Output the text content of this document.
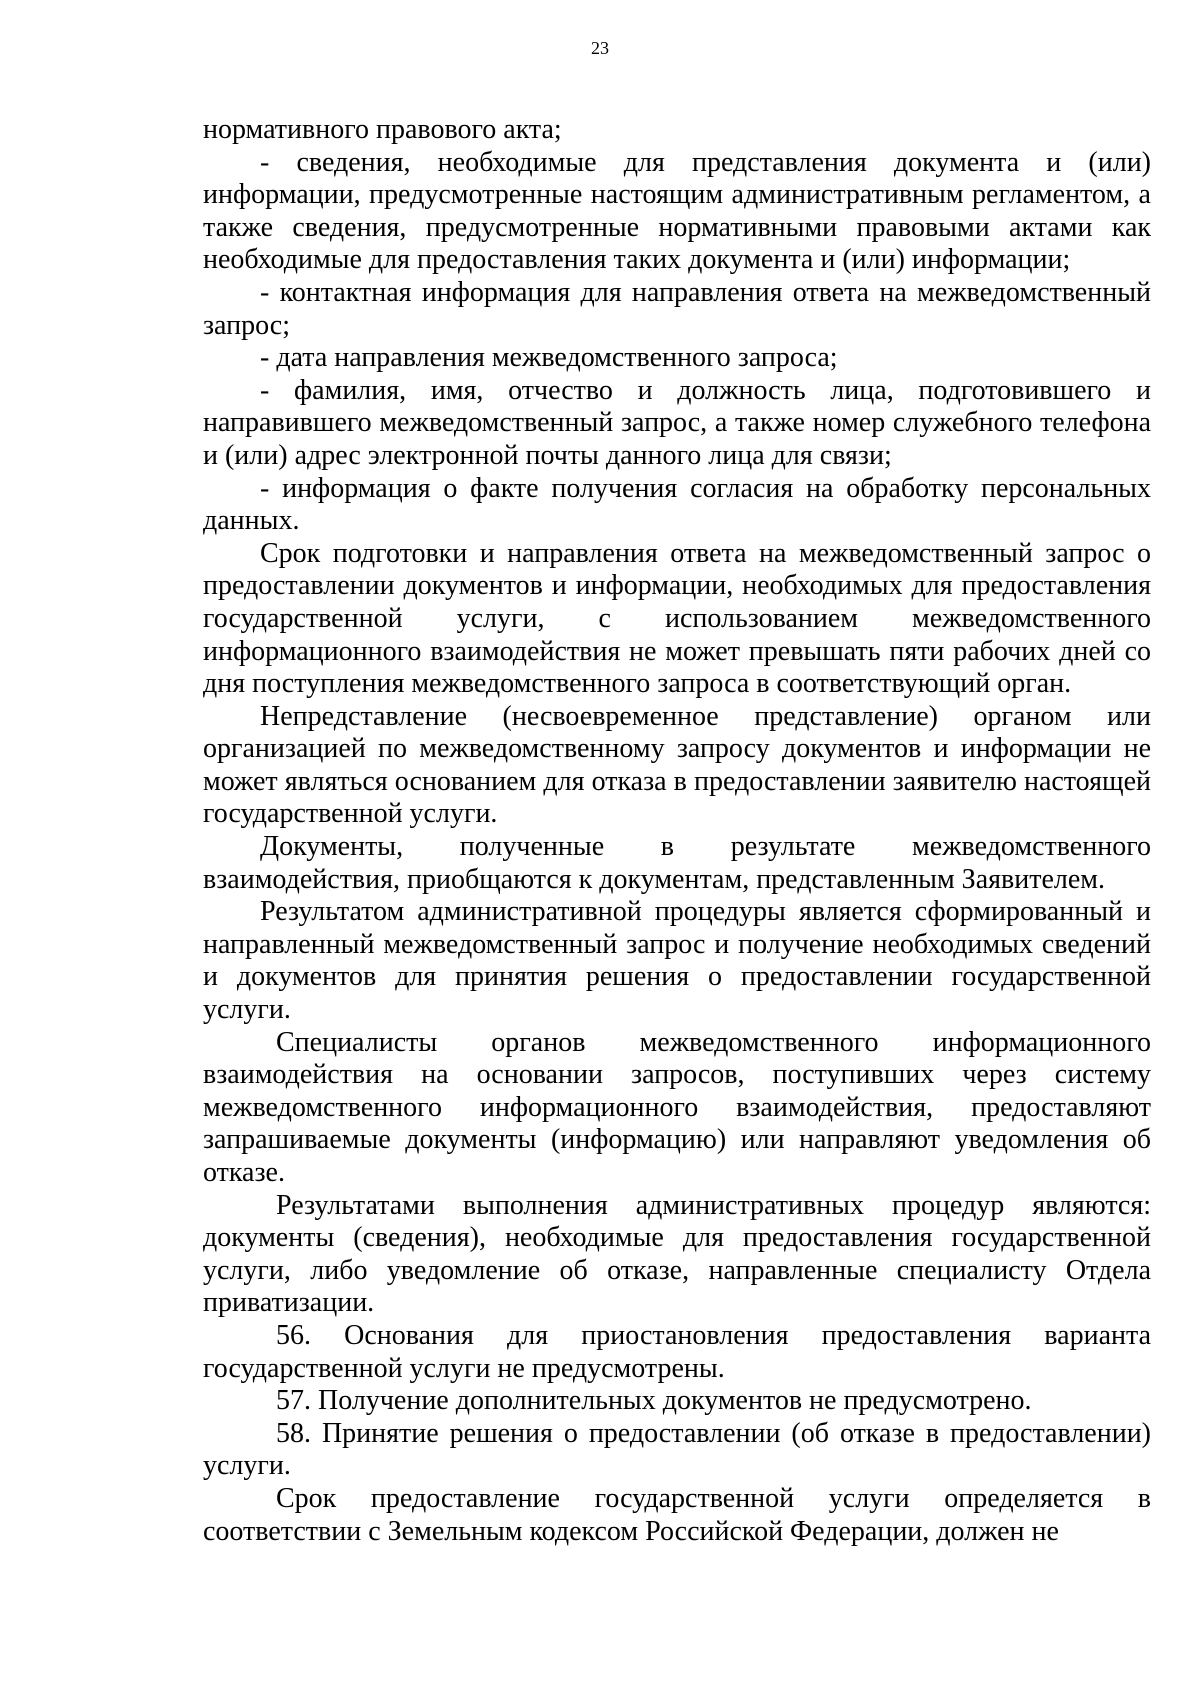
23

нормативного правового акта;

- сведения, необходимые для представления документа и (или) информации, предусмотренные настоящим административным регламентом, а также сведения, предусмотренные нормативными правовыми актами как необходимые для предоставления таких документа и (или) информации;

- контактная информация для направления ответа на межведомственный запрос;

- дата направления межведомственного запроса;

- фамилия, имя, отчество и должность лица, подготовившего и направившего межведомственный запрос, а также номер служебного телефона и (или) адрес электронной почты данного лица для связи;

- информация о факте получения согласия на обработку персональных данных.

Срок подготовки и направления ответа на межведомственный запрос о предоставлении документов и информации, необходимых для предоставления государственной услуги, с использованием межведомственного информационного взаимодействия не может превышать пяти рабочих дней со дня поступления межведомственного запроса в соответствующий орган.

Непредставление (несвоевременное представление) органом или организацией по межведомственному запросу документов и информации не может являться основанием для отказа в предоставлении заявителю настоящей государственной услуги.

Документы, полученные в результате межведомственного взаимодействия, приобщаются к документам, представленным Заявителем.

Результатом административной процедуры является сформированный и направленный межведомственный запрос и получение необходимых сведений и документов для принятия решения о предоставлении государственной услуги.

Специалисты органов межведомственного информационного взаимодействия на основании запросов, поступивших через систему межведомственного информационного взаимодействия, предоставляют запрашиваемые документы (информацию) или направляют уведомления об отказе.

Результатами выполнения административных процедур являются: документы (сведения), необходимые для предоставления государственной услуги, либо уведомление об отказе, направленные специалисту Отдела приватизации.

56. Основания для приостановления предоставления варианта государственной услуги не предусмотрены.

57. Получение дополнительных документов не предусмотрено.

58. Принятие решения о предоставлении (об отказе в предоставлении) услуги.

Срок предоставление государственной услуги определяется в соответствии с Земельным кодексом Российской Федерации, должен не
